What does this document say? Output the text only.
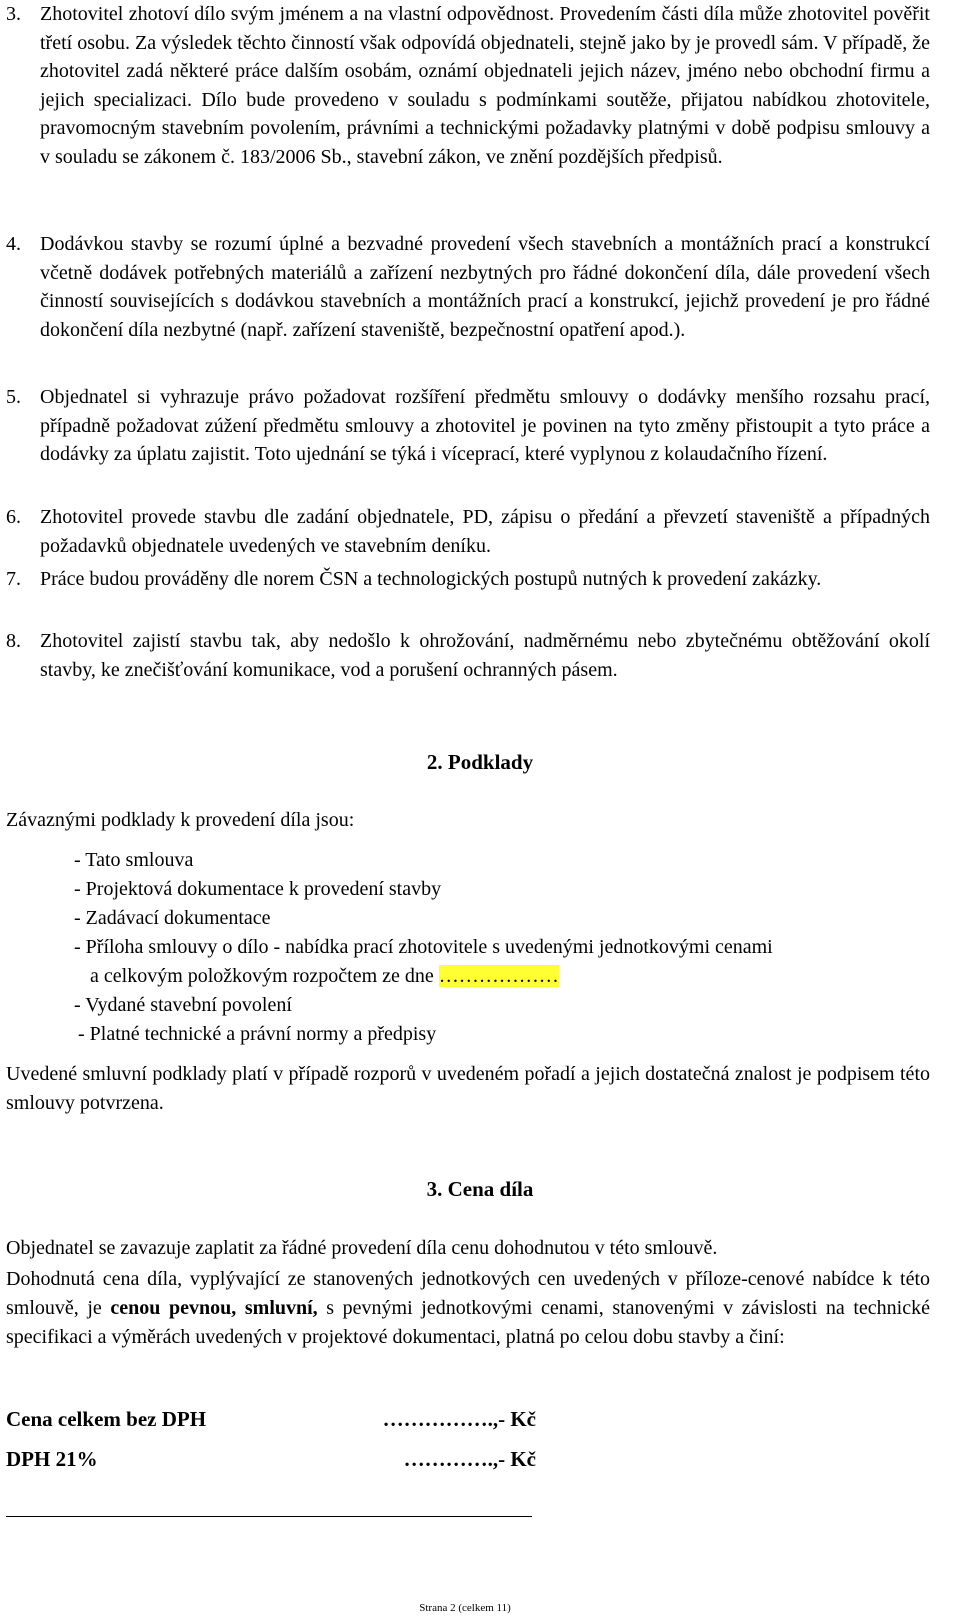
3. Zhotovitel zhotoví dílo svým jménem a na vlastní odpovědnost. Provedením části díla může zhotovitel pověřit třetí osobu. Za výsledek těchto činností však odpovídá objednateli, stejně jako by je provedl sám. V případě, že zhotovitel zadá některé práce dalším osobám, oznámí objednateli jejich název, jméno nebo obchodní firmu a jejich specializaci. Dílo bude provedeno v souladu s podmínkami soutěže, přijatou nabídkou zhotovitele, pravomocným stavebním povolením, právními a technickými požadavky platnými v době podpisu smlouvy a v souladu se zákonem č. 183/2006 Sb., stavební zákon, ve znění pozdějších předpisů.
4. Dodávkou stavby se rozumí úplné a bezvadné provedení všech stavebních a montážních prací a konstrukcí včetně dodávek potřebných materiálů a zařízení nezbytných pro řádné dokončení díla, dále provedení všech činností souvisejících s dodávkou stavebních a montážních prací a konstrukcí, jejichž provedení je pro řádné dokončení díla nezbytné (např. zařízení staveniště, bezpečnostní opatření apod.).
5. Objednatel si vyhrazuje právo požadovat rozšíření předmětu smlouvy o dodávky menšího rozsahu prací, případně požadovat zúžení předmětu smlouvy a zhotovitel je povinen na tyto změny přistoupit a tyto práce a dodávky za úplatu zajistit. Toto ujednání se týká i víceprací, které vyplynou z kolaudačního řízení.
6. Zhotovitel provede stavbu dle zadání objednatele, PD, zápisu o předání a převzetí staveniště a případných požadavků objednatele uvedených ve stavebním deníku.
7. Práce budou prováděny dle norem ČSN a technologických postupů nutných k provedení zakázky.
8. Zhotovitel zajistí stavbu tak, aby nedošlo k ohrožování, nadměrnému nebo zbytečnému obtěžování okolí stavby, ke znečišťování komunikace, vod a porušení ochranných pásem.
2. Podklady
Závaznými podklady k provedení díla jsou:
- Tato smlouva
- Projektová dokumentace k provedení stavby
- Zadávací dokumentace
- Příloha smlouvy o dílo - nabídka prací zhotovitele s uvedenými jednotkovými cenami
a celkovým položkovým rozpočtem ze dne ………………
- Vydané stavební povolení
- Platné technické a právní normy a předpisy
Uvedené smluvní podklady platí v případě rozporů v uvedeném pořadí a jejich dostatečná znalost je podpisem této smlouvy potvrzena.
3. Cena díla
Objednatel se zavazuje zaplatit za řádné provedení díla cenu dohodnutou v této smlouvě.
Dohodnutá cena díla, vyplývající ze stanovených jednotkových cen uvedených v příloze-cenové nabídce k této smlouvě, je cenou pevnou, smluvní, s pevnými jednotkovými cenami, stanovenými v závislosti na technické specifikaci a výměrách uvedených v projektové dokumentaci, platná po celou dobu stavby a činí:
Cena celkem bez DPH	…………….,- Kč
DPH 21%	………….,- Kč
Strana 2 (celkem 11)
